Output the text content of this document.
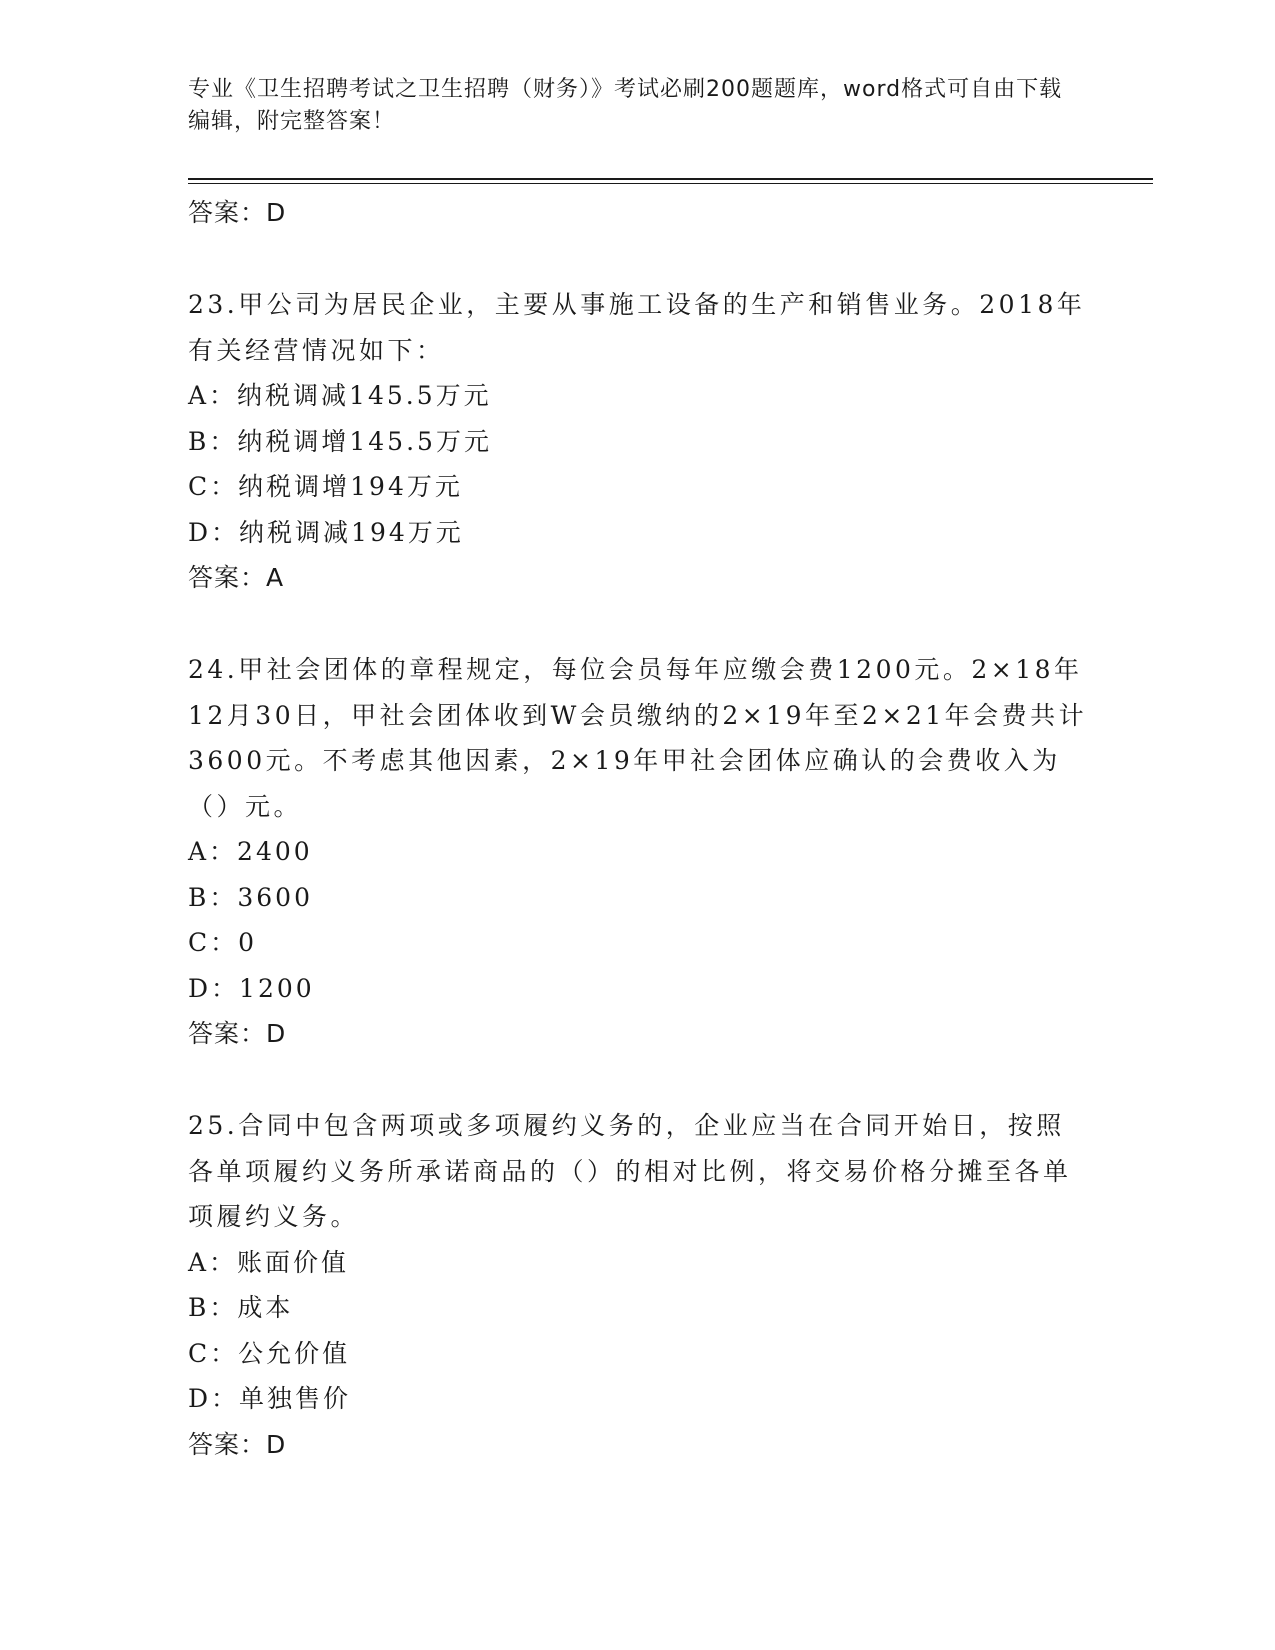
专业《卫生招聘考试之卫生招聘（财务）》考试必刷200题题库，word格式可自由下载编辑，附完整答案！
答案：D
23.甲公司为居民企业，主要从事施工设备的生产和销售业务。2018年有关经营情况如下：
A：纳税调减145.5万元
B：纳税调增145.5万元
C：纳税调增194万元
D：纳税调减194万元
答案：A
24.甲社会团体的章程规定，每位会员每年应缴会费1200元。2×18年12月30日，甲社会团体收到W会员缴纳的2×19年至2×21年会费共计3600元。不考虑其他因素，2×19年甲社会团体应确认的会费收入为（）元。
A：2400
B：3600
C：0
D：1200
答案：D
25.合同中包含两项或多项履约义务的，企业应当在合同开始日，按照各单项履约义务所承诺商品的（）的相对比例，将交易价格分摊至各单项履约义务。
A：账面价值
B：成本
C：公允价值
D：单独售价
答案：D
